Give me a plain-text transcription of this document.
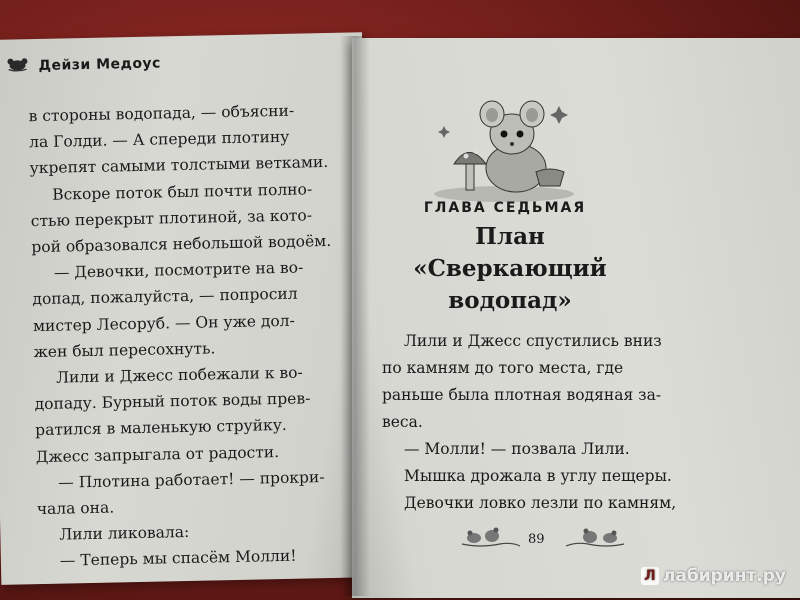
Дейзи Медоус
в стороны водопада, — объясни-
ла Голди. — А спереди плотину
укрепят самыми толстыми ветками.
Вскоре поток был почти полно-
стью перекрыт плотиной, за кото-
рой образовался небольшой водоём.
— Девочки, посмотрите на во-
допад, пожалуйста, — попросил
мистер Лесоруб. — Он уже дол-
жен был пересохнуть.
Лили и Джесс побежали к во-
допаду. Бурный поток воды прев-
ратился в маленькую струйку.
Джесс запрыгала от радости.
— Плотина работает! — прокри-
чала она.
Лили ликовала:
— Теперь мы спасём Молли!
ГЛАВА СЕДЬМАЯ
План «Сверкающий
водопад»
Лили и Джесс спустились вниз
по камням до того места, где
раньше была плотная водяная за-
веса.
— Молли! — позвала Лили.
Мышка дрожала в углу пещеры.
Девочки ловко лезли по камням,
89
Л лабиринт.ру
